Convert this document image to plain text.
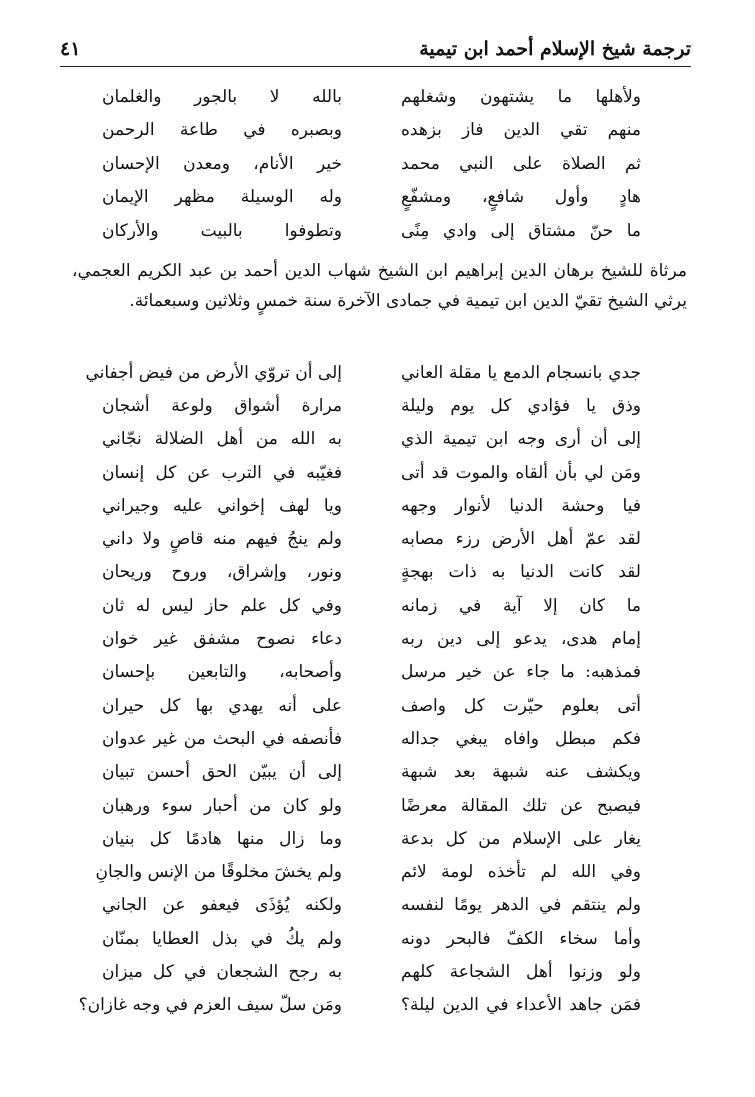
ترجمة شيخ الإسلام أحمد ابن تيمية
٤١
ولأهلها ما يشتهون وشغلهم
بالله لا بالجور والغلمان
منهم تقي الدين فاز بزهده
وبصبره في طاعة الرحمن
ثم الصلاة على النبي محمد
خير الأنام، ومعدن الإحسان
هادٍ وأول شافعٍ، ومشفّعٍ
وله الوسيلة مظهر الإيمان
ما حنّ مشتاق إلى وادي مِنًى
وتطوفوا بالبيت والأركان
مرثاة للشيخ برهان الدين إبراهيم ابن الشيخ شهاب الدين أحمد بن عبد الكريم العجمي، يرثي الشيخ تقيّ الدين ابن تيمية في جمادى الآخرة سنة خمسٍ وثلاثين وسبعمائة.
جدي بانسجام الدمع يا مقلة العاني
إلى أن تروّي الأرض من فيض أجفاني
وذق يا فؤادي كل يوم وليلة
مرارة أشواق ولوعة أشجان
إلى أن أرى وجه ابن تيمية الذي
به الله من أهل الضلالة نجّاني
ومَن لي بأن ألقاه والموت قد أتى
فغيّبه في الترب عن كل إنسان
فيا وحشة الدنيا لأنوار وجهه
ويا لهف إخواني عليه وجيراني
لقد عمّ أهل الأرض رزء مصابه
ولم ينجُ فيهم منه قاصٍ ولا داني
لقد كانت الدنيا به ذات بهجةٍ
ونور، وإشراق، وروح وريحان
ما كان إلا آية في زمانه
وفي كل علم حاز ليس له ثان
إمام هدى، يدعو إلى دين ربه
دعاء نصوح مشفق غير خوان
فمذهبه: ما جاء عن خير مرسل
وأصحابه، والتابعين بإحسان
أتى بعلوم حيّرت كل واصف
على أنه يهدي بها كل حيران
فكم مبطل وافاه يبغي جداله
فأنصفه في البحث من غير عدوان
ويكشف عنه شبهة بعد شبهة
إلى أن يبيّن الحق أحسن تبيان
فيصبح عن تلك المقالة معرضًا
ولو كان من أحبار سوء ورهبان
يغار على الإسلام من كل بدعة
وما زال منها هادمًا كل بنيان
وفي الله لم تأخذه لومة لائم
ولم يخشَ مخلوقًا من الإنس والجانِ
ولم ينتقم في الدهر يومًا لنفسه
ولكنه يُؤذَى فيعفو عن الجاني
وأما سخاء الكفّ فالبحر دونه
ولم يكُ في بذل العطايا بمنّان
ولو وزنوا أهل الشجاعة كلهم
به رجح الشجعان في كل ميزان
فمَن جاهد الأعداء في الدين ليلة؟
ومَن سلّ سيف العزم في وجه غازان؟
